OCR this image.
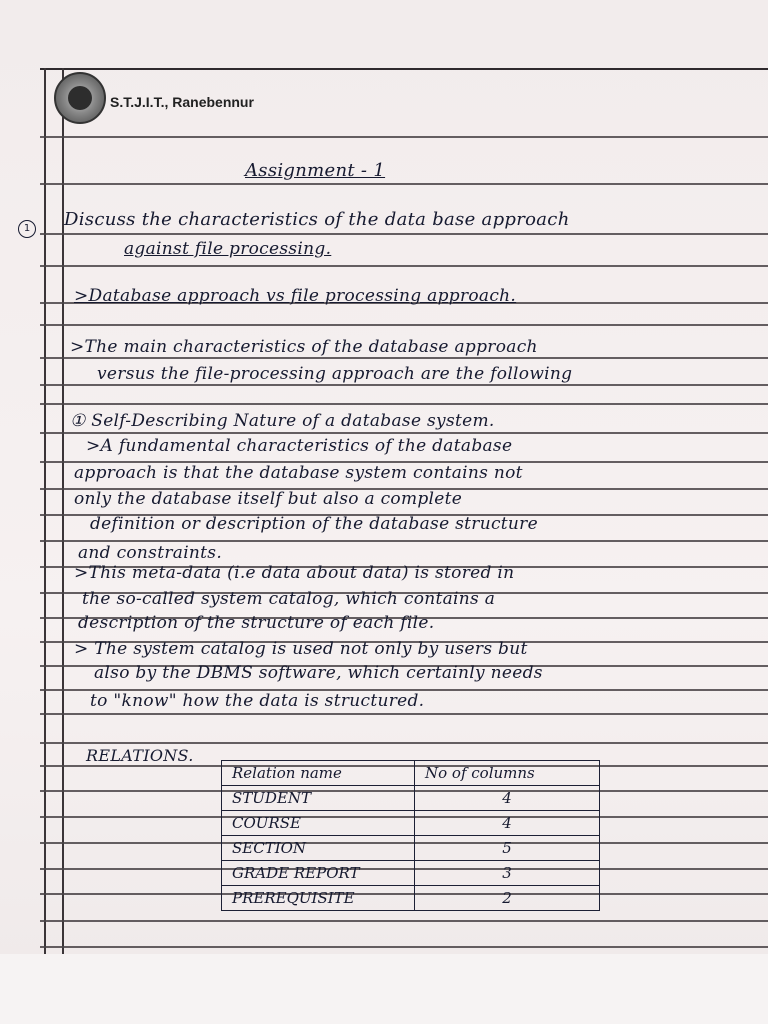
S.T.J.I.T., Ranebennur
Assignment - 1
1	Discuss the characteristics of the data base approach
against file processing.
>Database approach vs file processing approach.
>The main characteristics of the database approach
versus the file-processing approach are the following
① Self-Describing Nature of a database system.
>A fundamental characteristics of the database
approach is that the database system contains not
only the database itself but also a complete
definition or description of the database structure
and constraints.
>This meta-data (i.e data about data) is stored in
the so-called system catalog, which contains a
description of the structure of each file.
> The system catalog is used not only by users but
also by the DBMS software, which certainly needs
to "know" how the data is structured.
RELATIONS.
Relation name	No of columns
STUDENT	4
COURSE	4
SECTION	5
GRADE REPORT	3
PREREQUISITE	2
